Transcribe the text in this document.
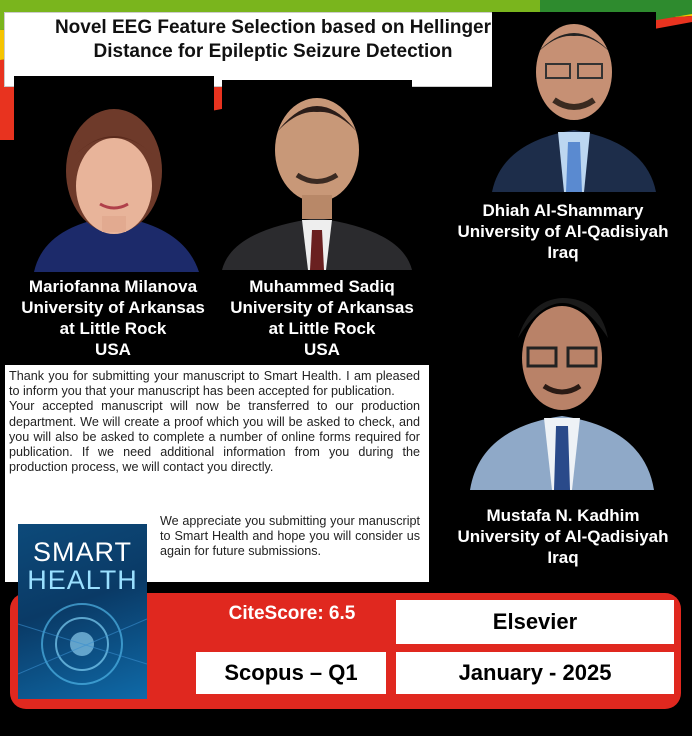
Novel EEG Feature Selection based on Hellinger
Distance for Epileptic Seizure Detection
Mariofanna Milanova
University of Arkansas
at Little Rock
USA
Muhammed Sadiq
University of Arkansas
at Little Rock
USA
Dhiah Al-Shammary
University of Al-Qadisiyah
Iraq
Mustafa N. Kadhim
University of Al-Qadisiyah
Iraq
Thank you for submitting your manuscript to Smart Health. I am pleased to inform you that your manuscript has been accepted for publication.
Your accepted manuscript will now be transferred to our production department. We will create a proof which you will be asked to check, and you will also be asked to complete a number of online forms required for publication. If we need additional information from you during the production process, we will contact you directly.
We appreciate you submitting your manuscript to Smart Health and hope you will consider us again for future submissions.
SMART
HEALTH
CiteScore: 6.5	Elsevier
Scopus – Q1	January - 2025
